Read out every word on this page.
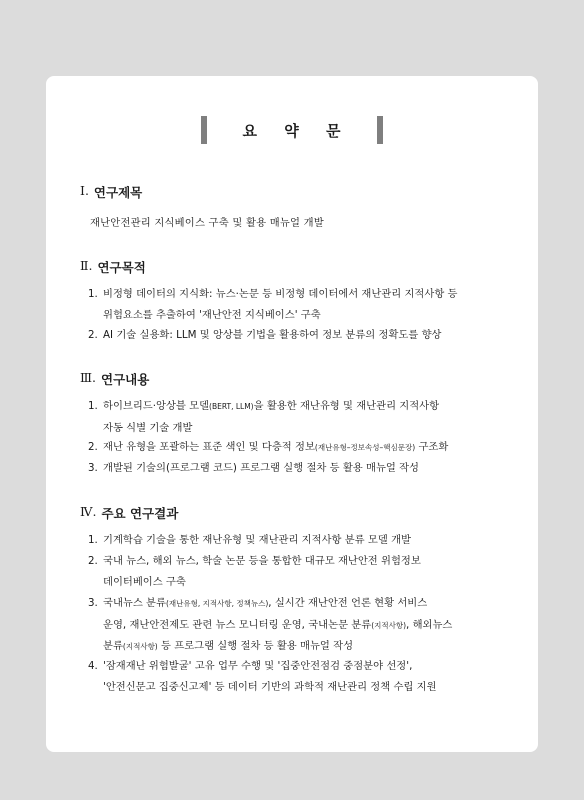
요 약 문
Ⅰ. 연구제목
재난안전관리 지식베이스 구축 및 활용 매뉴얼 개발
Ⅱ. 연구목적
1. 비정형 데이터의 지식화: 뉴스·논문 등 비정형 데이터에서 재난관리 지적사항 등
위험요소를 추출하여 '재난안전 지식베이스' 구축
2. AI 기술 실용화: LLM 및 앙상블 기법을 활용하여 정보 분류의 정확도를 향상
Ⅲ. 연구내용
1. 하이브리드·앙상블 모델(BERT, LLM)을 활용한 재난유형 및 재난관리 지적사항
자동 식별 기술 개발
2. 재난 유형을 포괄하는 표준 색인 및 다층적 정보(재난유형–정보속성–핵심문장) 구조화
3. 개발된 기술의(프로그램 코드) 프로그램 실행 절차 등 활용 매뉴얼 작성
Ⅳ. 주요 연구결과
1. 기계학습 기술을 통한 재난유형 및 재난관리 지적사항 분류 모델 개발
2. 국내 뉴스, 해외 뉴스, 학술 논문 등을 통합한 대규모 재난안전 위험정보
데이터베이스 구축
3. 국내뉴스 분류(재난유형, 지적사항, 정책뉴스), 실시간 재난안전 언론 현황 서비스
운영, 재난안전제도 관련 뉴스 모니터링 운영, 국내논문 분류(지적사항), 해외뉴스
분류(지적사항) 등 프로그램 실행 절차 등 활용 매뉴얼 작성
4. '잠재재난 위험발굴' 고유 업무 수행 및 '집중안전점검 중점분야 선정',
'안전신문고 집중신고제' 등 데이터 기반의 과학적 재난관리 정책 수립 지원
